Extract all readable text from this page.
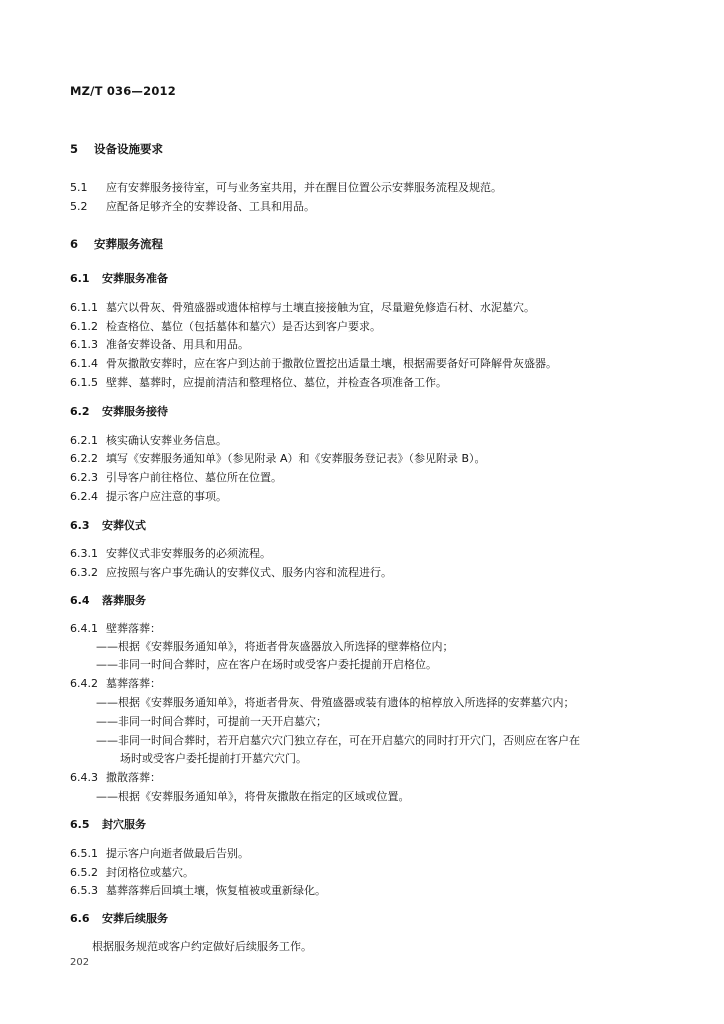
MZ/T 036—2012
5 设备设施要求
5.1 应有安葬服务接待室，可与业务室共用，并在醒目位置公示安葬服务流程及规范。
5.2 应配备足够齐全的安葬设备、工具和用品。
6 安葬服务流程
6.1 安葬服务准备
6.1.1 墓穴以骨灰、骨殖盛器或遗体棺椁与土壤直接接触为宜，尽量避免修造石材、水泥墓穴。
6.1.2 检查格位、墓位（包括墓体和墓穴）是否达到客户要求。
6.1.3 准备安葬设备、用具和用品。
6.1.4 骨灰撒散安葬时，应在客户到达前于撒散位置挖出适量土壤，根据需要备好可降解骨灰盛器。
6.1.5 壁葬、墓葬时，应提前清洁和整理格位、墓位，并检查各项准备工作。
6.2 安葬服务接待
6.2.1 核实确认安葬业务信息。
6.2.2 填写《安葬服务通知单》（参见附录 A）和《安葬服务登记表》（参见附录 B）。
6.2.3 引导客户前往格位、墓位所在位置。
6.2.4 提示客户应注意的事项。
6.3 安葬仪式
6.3.1 安葬仪式非安葬服务的必须流程。
6.3.2 应按照与客户事先确认的安葬仪式、服务内容和流程进行。
6.4 落葬服务
6.4.1 壁葬落葬：
——根据《安葬服务通知单》，将逝者骨灰盛器放入所选择的壁葬格位内；
——非同一时间合葬时，应在客户在场时或受客户委托提前开启格位。
6.4.2 墓葬落葬：
——根据《安葬服务通知单》，将逝者骨灰、骨殖盛器或装有遗体的棺椁放入所选择的安葬墓穴内；
——非同一时间合葬时，可提前一天开启墓穴；
——非同一时间合葬时，若开启墓穴穴门独立存在，可在开启墓穴的同时打开穴门，否则应在客户在
场时或受客户委托提前打开墓穴穴门。
6.4.3 撒散落葬：
——根据《安葬服务通知单》，将骨灰撒散在指定的区域或位置。
6.5 封穴服务
6.5.1 提示客户向逝者做最后告别。
6.5.2 封闭格位或墓穴。
6.5.3 墓葬落葬后回填土壤，恢复植被或重新绿化。
6.6 安葬后续服务
根据服务规范或客户约定做好后续服务工作。
202
